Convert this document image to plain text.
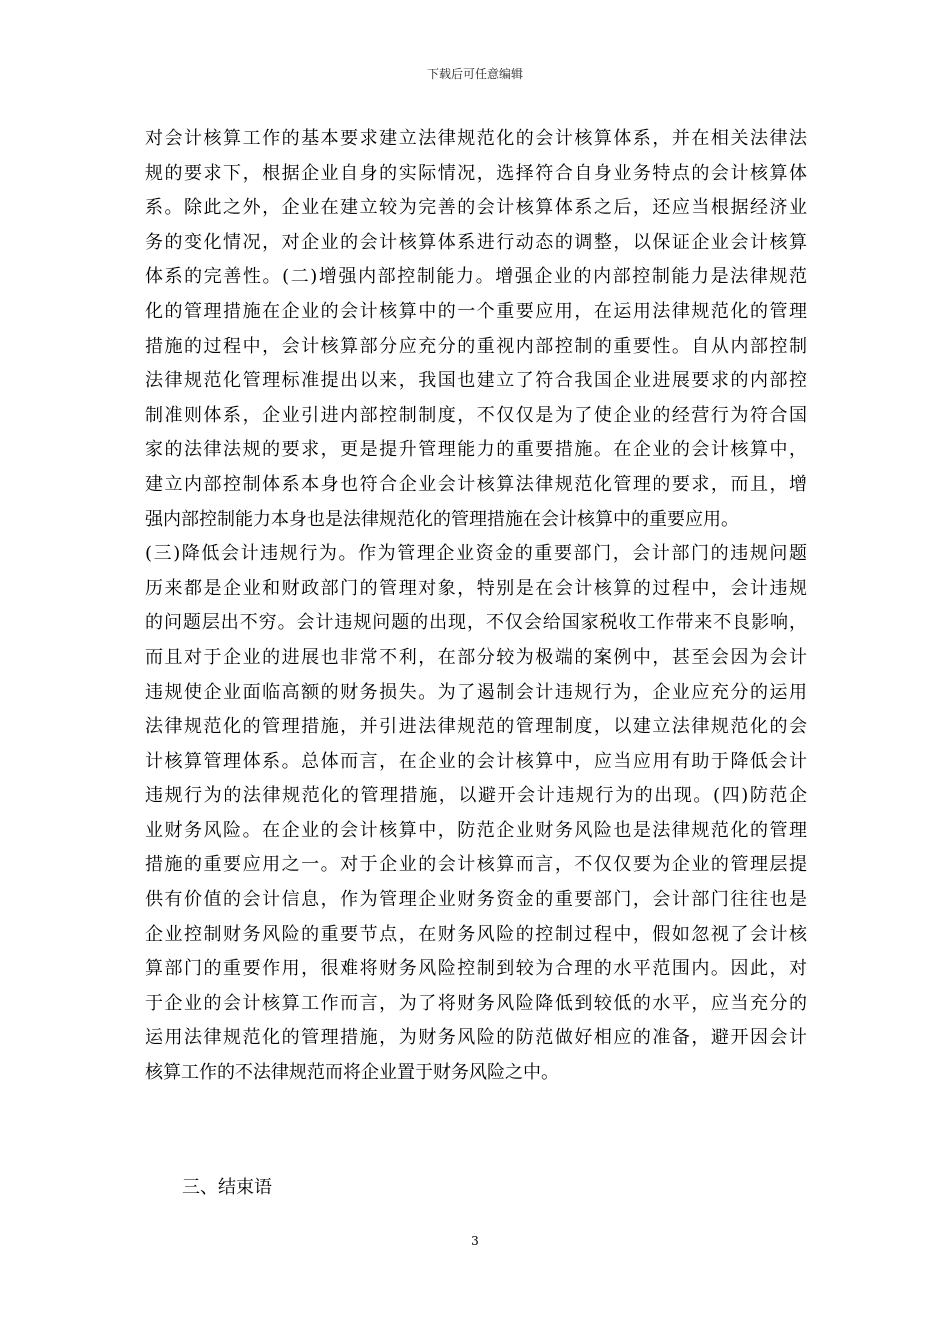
下载后可任意编辑
对会计核算工作的基本要求建立法律规范化的会计核算体系，并在相关法律法
规的要求下，根据企业自身的实际情况，选择符合自身业务特点的会计核算体
系。除此之外，企业在建立较为完善的会计核算体系之后，还应当根据经济业
务的变化情况，对企业的会计核算体系进行动态的调整，以保证企业会计核算
体系的完善性。(二)增强内部控制能力。增强企业的内部控制能力是法律规范
化的管理措施在企业的会计核算中的一个重要应用，在运用法律规范化的管理
措施的过程中，会计核算部分应充分的重视内部控制的重要性。自从内部控制
法律规范化管理标准提出以来，我国也建立了符合我国企业进展要求的内部控
制准则体系，企业引进内部控制制度，不仅仅是为了使企业的经营行为符合国
家的法律法规的要求，更是提升管理能力的重要措施。在企业的会计核算中，
建立内部控制体系本身也符合企业会计核算法律规范化管理的要求，而且，增
强内部控制能力本身也是法律规范化的管理措施在会计核算中的重要应用。
(三)降低会计违规行为。作为管理企业资金的重要部门，会计部门的违规问题
历来都是企业和财政部门的管理对象，特别是在会计核算的过程中，会计违规
的问题层出不穷。会计违规问题的出现，不仅会给国家税收工作带来不良影响，
而且对于企业的进展也非常不利，在部分较为极端的案例中，甚至会因为会计
违规使企业面临高额的财务损失。为了遏制会计违规行为，企业应充分的运用
法律规范化的管理措施，并引进法律规范的管理制度，以建立法律规范化的会
计核算管理体系。总体而言，在企业的会计核算中，应当应用有助于降低会计
违规行为的法律规范化的管理措施，以避开会计违规行为的出现。(四)防范企
业财务风险。在企业的会计核算中，防范企业财务风险也是法律规范化的管理
措施的重要应用之一。对于企业的会计核算而言，不仅仅要为企业的管理层提
供有价值的会计信息，作为管理企业财务资金的重要部门，会计部门往往也是
企业控制财务风险的重要节点，在财务风险的控制过程中，假如忽视了会计核
算部门的重要作用，很难将财务风险控制到较为合理的水平范围内。因此，对
于企业的会计核算工作而言，为了将财务风险降低到较低的水平，应当充分的
运用法律规范化的管理措施，为财务风险的防范做好相应的准备，避开因会计
核算工作的不法律规范而将企业置于财务风险之中。
三、结束语
3
